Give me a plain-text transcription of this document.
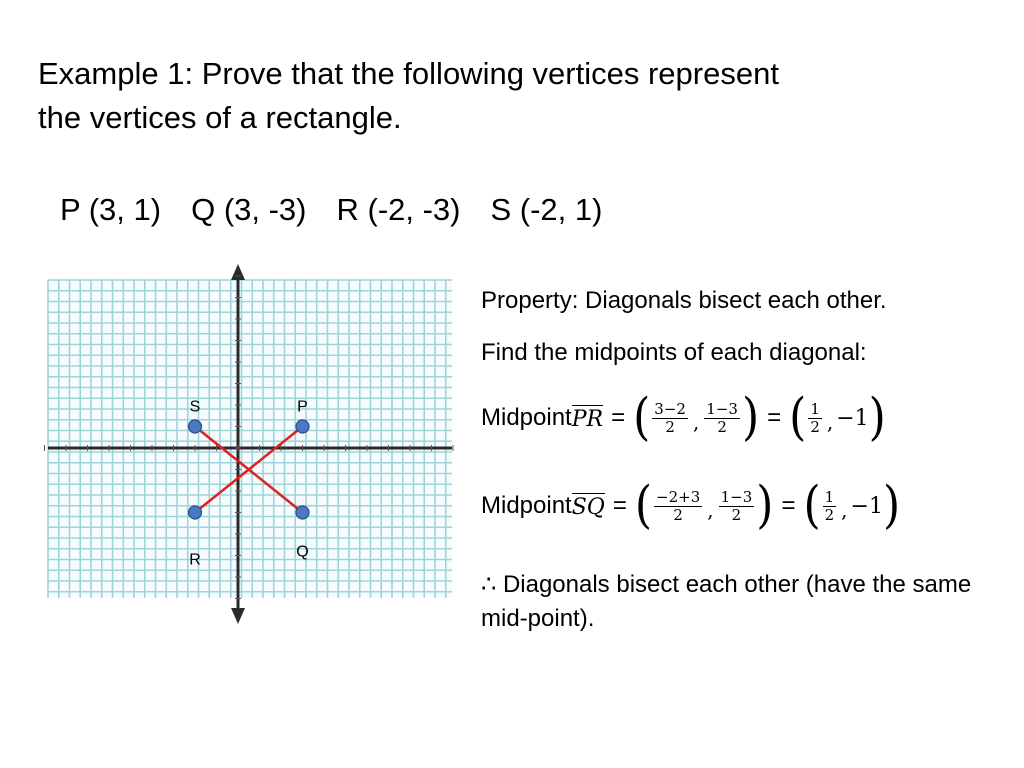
Example 1: Prove that the following vertices represent
the vertices of a rectangle.
P (3, 1) Q (3, -3) R (-2, -3) S (-2, 1)
P
Q
R
S
Property: Diagonals bisect each other.
Find the midpoints of each diagonal:
Midpoint PR = ( $\frac{3-2}{2}$ , $\frac{1-3}{2}$ ) = ( $\frac{1}{2}$ , −1 )
Midpoint SQ = ( $\frac{-2+3}{2}$ , $\frac{1-3}{2}$ ) = ( $\frac{1}{2}$ , −1 )
∴ Diagonals bisect each other (have the same mid-point).
